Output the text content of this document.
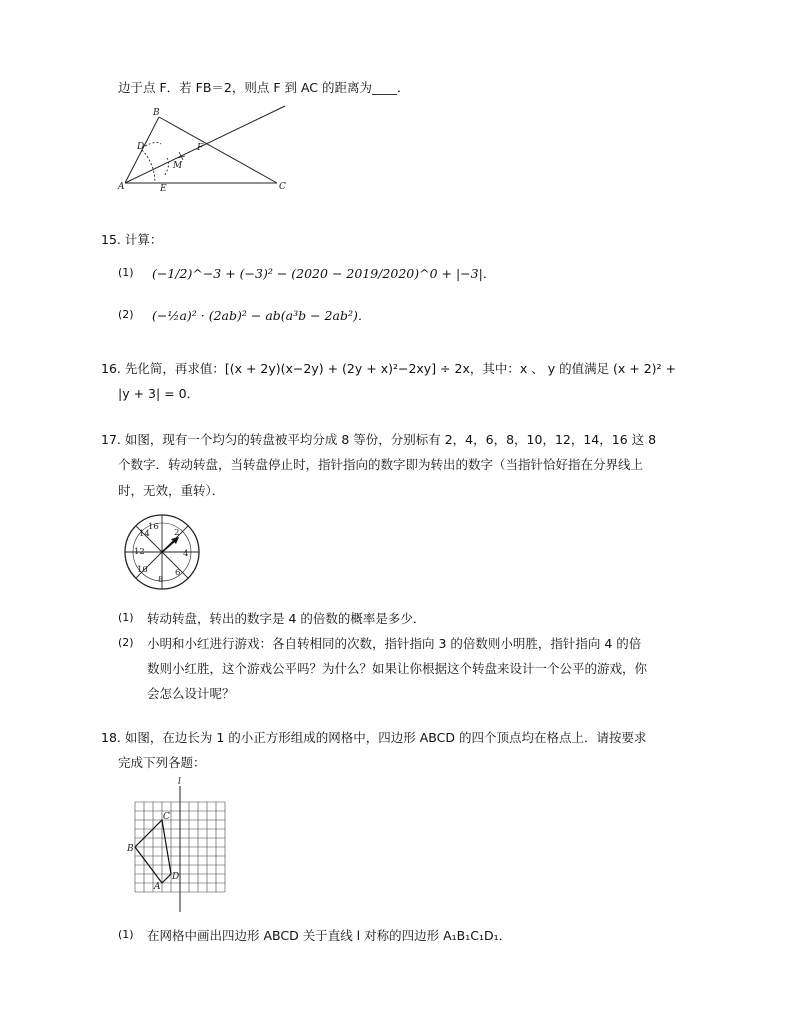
边于点 F．若 FB＝2，则点 F 到 AC 的距离为____．
A
B
C
D
E
F
M
15. 计算：
(1) (−1/2)^−3 + (−3)² − (2020 − 2019/2020)^0 + |−3|．
(2) (−½a)² · (2ab)² − ab(a³b − 2ab²)．
16. 先化简，再求值：[(x + 2y)(x−2y) + (2y + x)²−2xy] ÷ 2x，其中：x 、 y 的值满足 (x + 2)² +
|y + 3| = 0．
17. 如图，现有一个均匀的转盘被平均分成 8 等份，分别标有 2，4，6，8，10，12，14，16 这 8
个数字．转动转盘，当转盘停止时，指针指向的数字即为转出的数字（当指针恰好指在分界线上
时，无效，重转）．
16
2
4
6
8
10
12
14
(1) 转动转盘，转出的数字是 4 的倍数的概率是多少．
(2) 小明和小红进行游戏：各自转相同的次数，指针指向 3 的倍数则小明胜，指针指向 4 的倍
数则小红胜，这个游戏公平吗？为什么？如果让你根据这个转盘来设计一个公平的游戏，你
会怎么设计呢？
18. 如图，在边长为 1 的小正方形组成的网格中，四边形 ABCD 的四个顶点均在格点上．请按要求
完成下列各题：
l
A
B
C
D
(1) 在网格中画出四边形 ABCD 关于直线 l 对称的四边形 A₁B₁C₁D₁．
